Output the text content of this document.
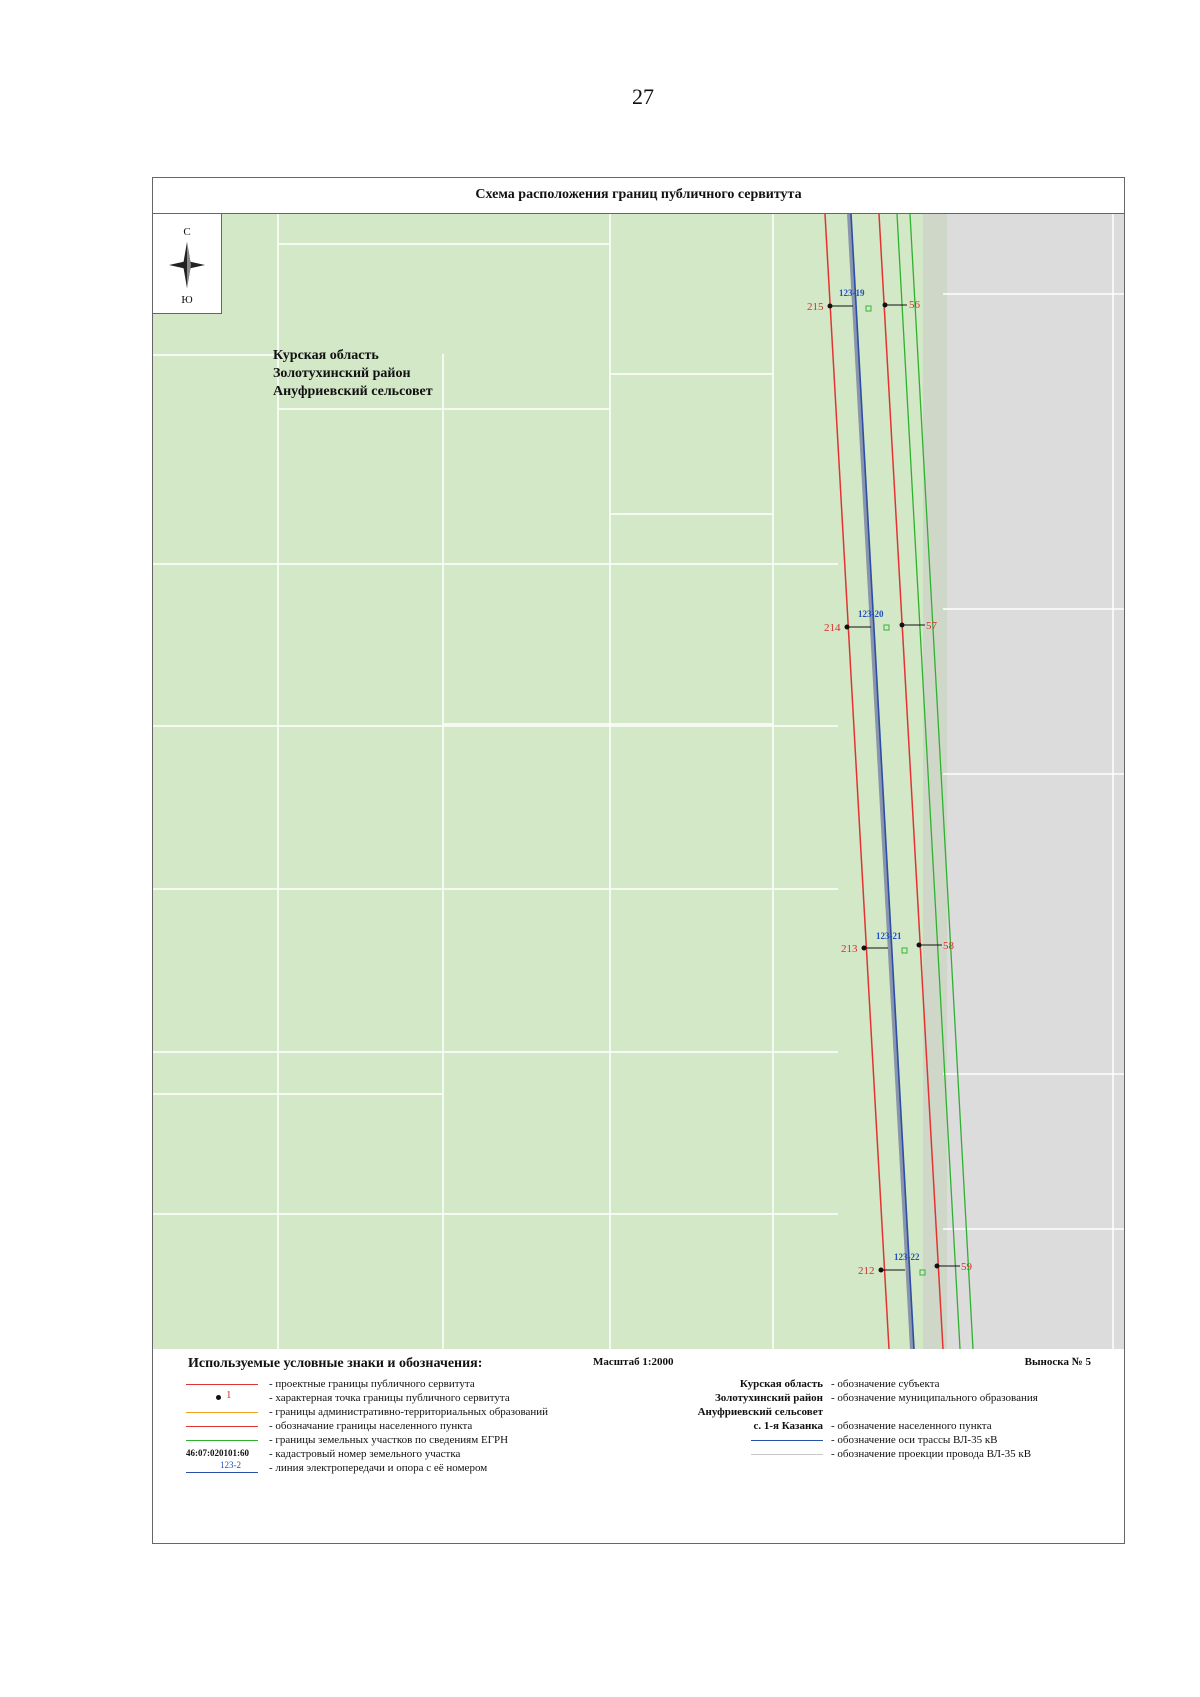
27
Схема расположения границ публичного сервитута
123-19
123-20
123-21
123-22
215
214
213
212
56
57
58
59
С
Ю
Курская область
Золотухинский район
Ануфриевский сельсовет
Используемые условные знаки и обозначения:	Масштаб 1:2000	Выноска № 5
- проектные границы публичного сервитута
1	- характерная точка границы публичного сервитута
- границы административно-территориальных образований
- обозначание границы населенного пункта
- границы земельных участков по сведениям ЕГРН
46:07:020101:60	- кадастровый номер земельного участка
123-2	- линия электропередачи и опора с её номером
Курская область - обозначение субъекта
Золотухинский район - обозначение муниципального образования
Ануфриевский сельсовет
с. 1-я Казанка - обозначение населенного пункта
- обозначение оси трассы ВЛ-35 кВ
- обозначение проекции провода ВЛ-35 кВ
